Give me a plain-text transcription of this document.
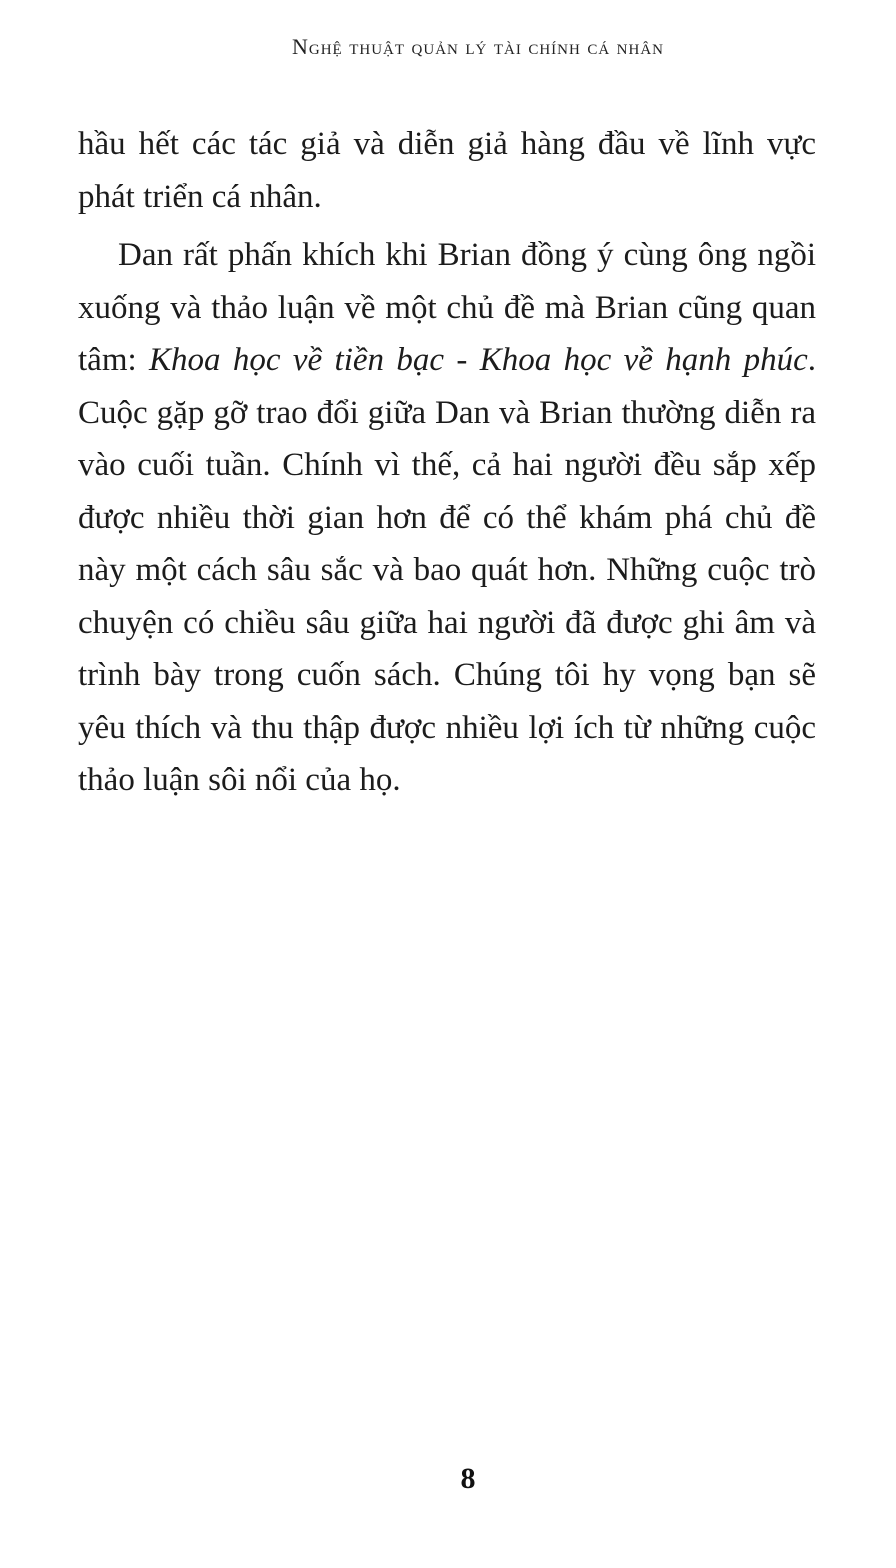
Nghệ thuật quản lý tài chính cá nhân

hầu hết các tác giả và diễn giả hàng đầu về lĩnh vực phát triển cá nhân.

Dan rất phấn khích khi Brian đồng ý cùng ông ngồi xuống và thảo luận về một chủ đề mà Brian cũng quan tâm: Khoa học về tiền bạc - Khoa học về hạnh phúc. Cuộc gặp gỡ trao đổi giữa Dan và Brian thường diễn ra vào cuối tuần. Chính vì thế, cả hai người đều sắp xếp được nhiều thời gian hơn để có thể khám phá chủ đề này một cách sâu sắc và bao quát hơn. Những cuộc trò chuyện có chiều sâu giữa hai người đã được ghi âm và trình bày trong cuốn sách. Chúng tôi hy vọng bạn sẽ yêu thích và thu thập được nhiều lợi ích từ những cuộc thảo luận sôi nổi của họ.

8
